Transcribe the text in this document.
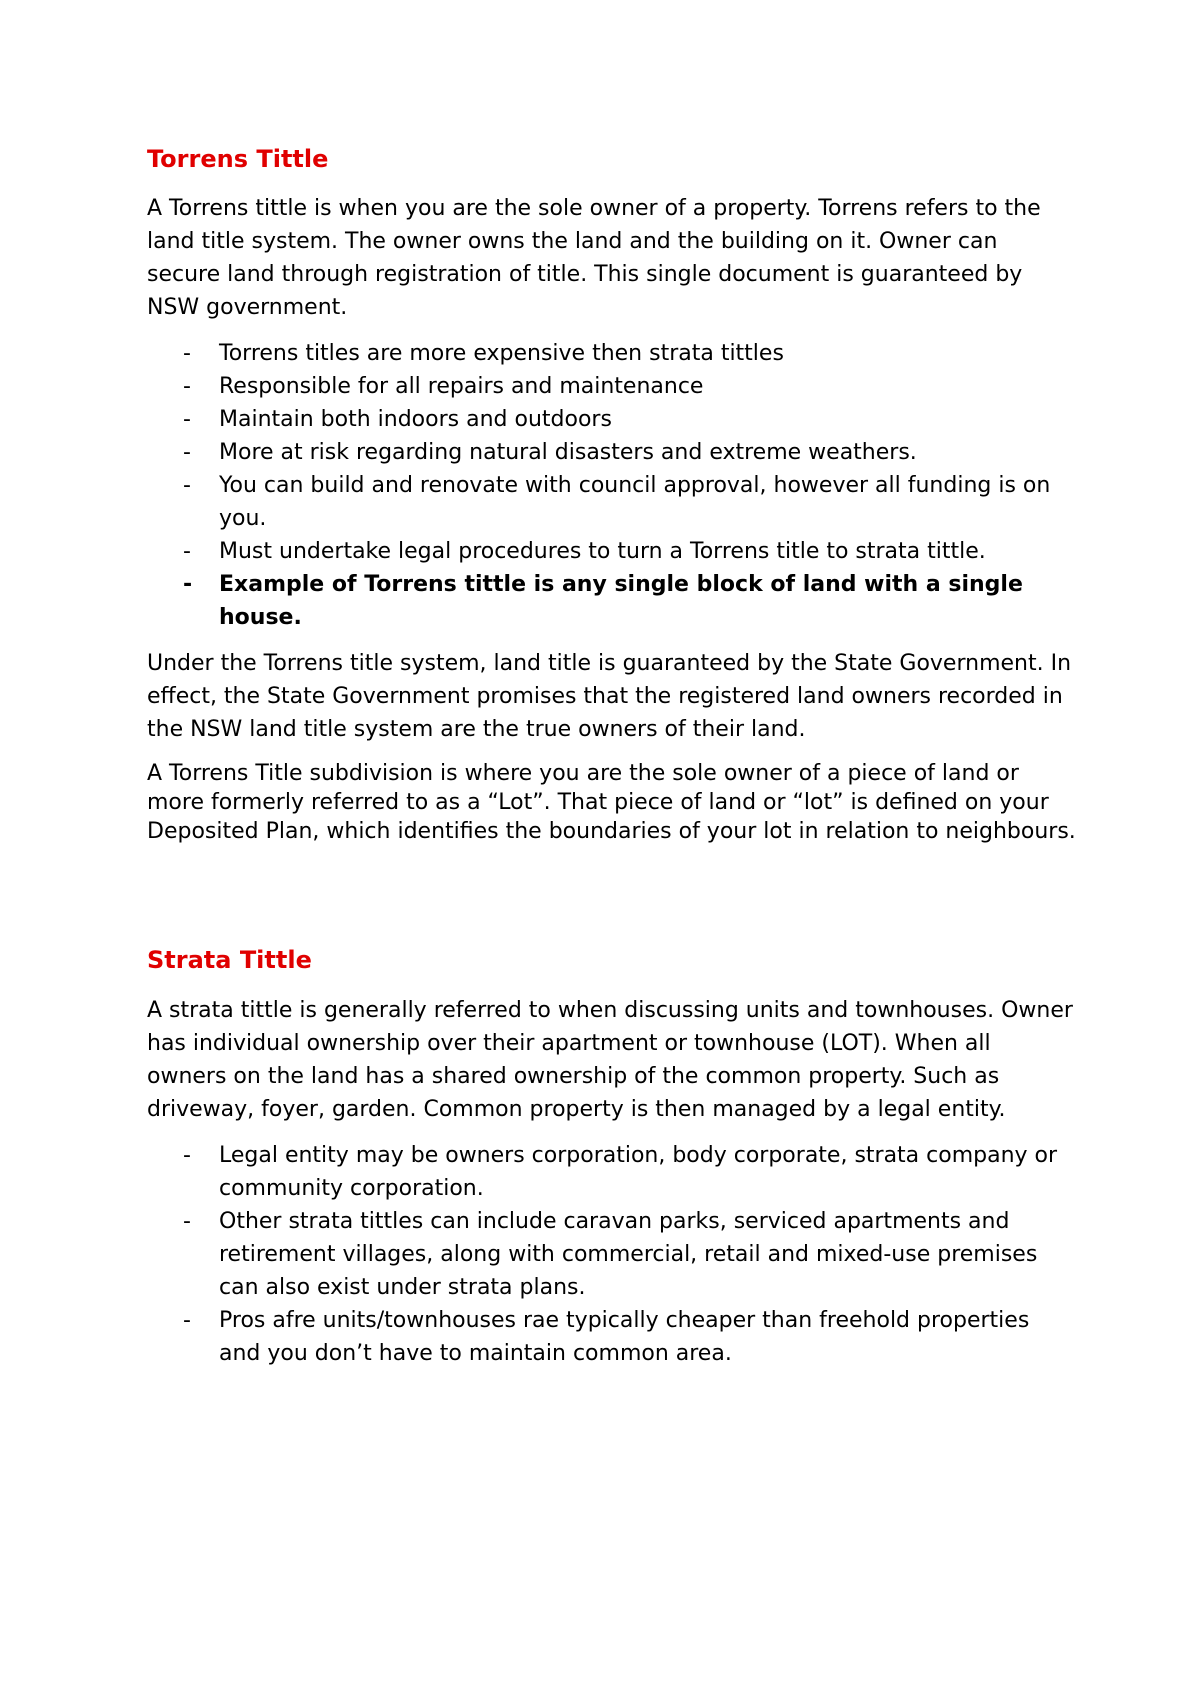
Torrens Tittle

A Torrens tittle is when you are the sole owner of a property. Torrens refers to the land title system. The owner owns the land and the building on it. Owner can secure land through registration of title. This single document is guaranteed by NSW government.

- Torrens titles are more expensive then strata tittles
- Responsible for all repairs and maintenance
- Maintain both indoors and outdoors
- More at risk regarding natural disasters and extreme weathers.
- You can build and renovate with council approval, however all funding is on you.
- Must undertake legal procedures to turn a Torrens title to strata tittle.
- Example of Torrens tittle is any single block of land with a single house.

Under the Torrens title system, land title is guaranteed by the State Government. In effect, the State Government promises that the registered land owners recorded in the NSW land title system are the true owners of their land.

A Torrens Title subdivision is where you are the sole owner of a piece of land or more formerly referred to as a “Lot”. That piece of land or “lot” is defined on your Deposited Plan, which identifies the boundaries of your lot in relation to neighbours.

Strata Tittle

A strata tittle is generally referred to when discussing units and townhouses. Owner has individual ownership over their apartment or townhouse (LOT). When all owners on the land has a shared ownership of the common property. Such as driveway, foyer, garden. Common property is then managed by a legal entity.

- Legal entity may be owners corporation, body corporate, strata company or community corporation.
- Other strata tittles can include caravan parks, serviced apartments and retirement villages, along with commercial, retail and mixed-use premises can also exist under strata plans.
- Pros afre units/townhouses rae typically cheaper than freehold properties and you don’t have to maintain common area.
